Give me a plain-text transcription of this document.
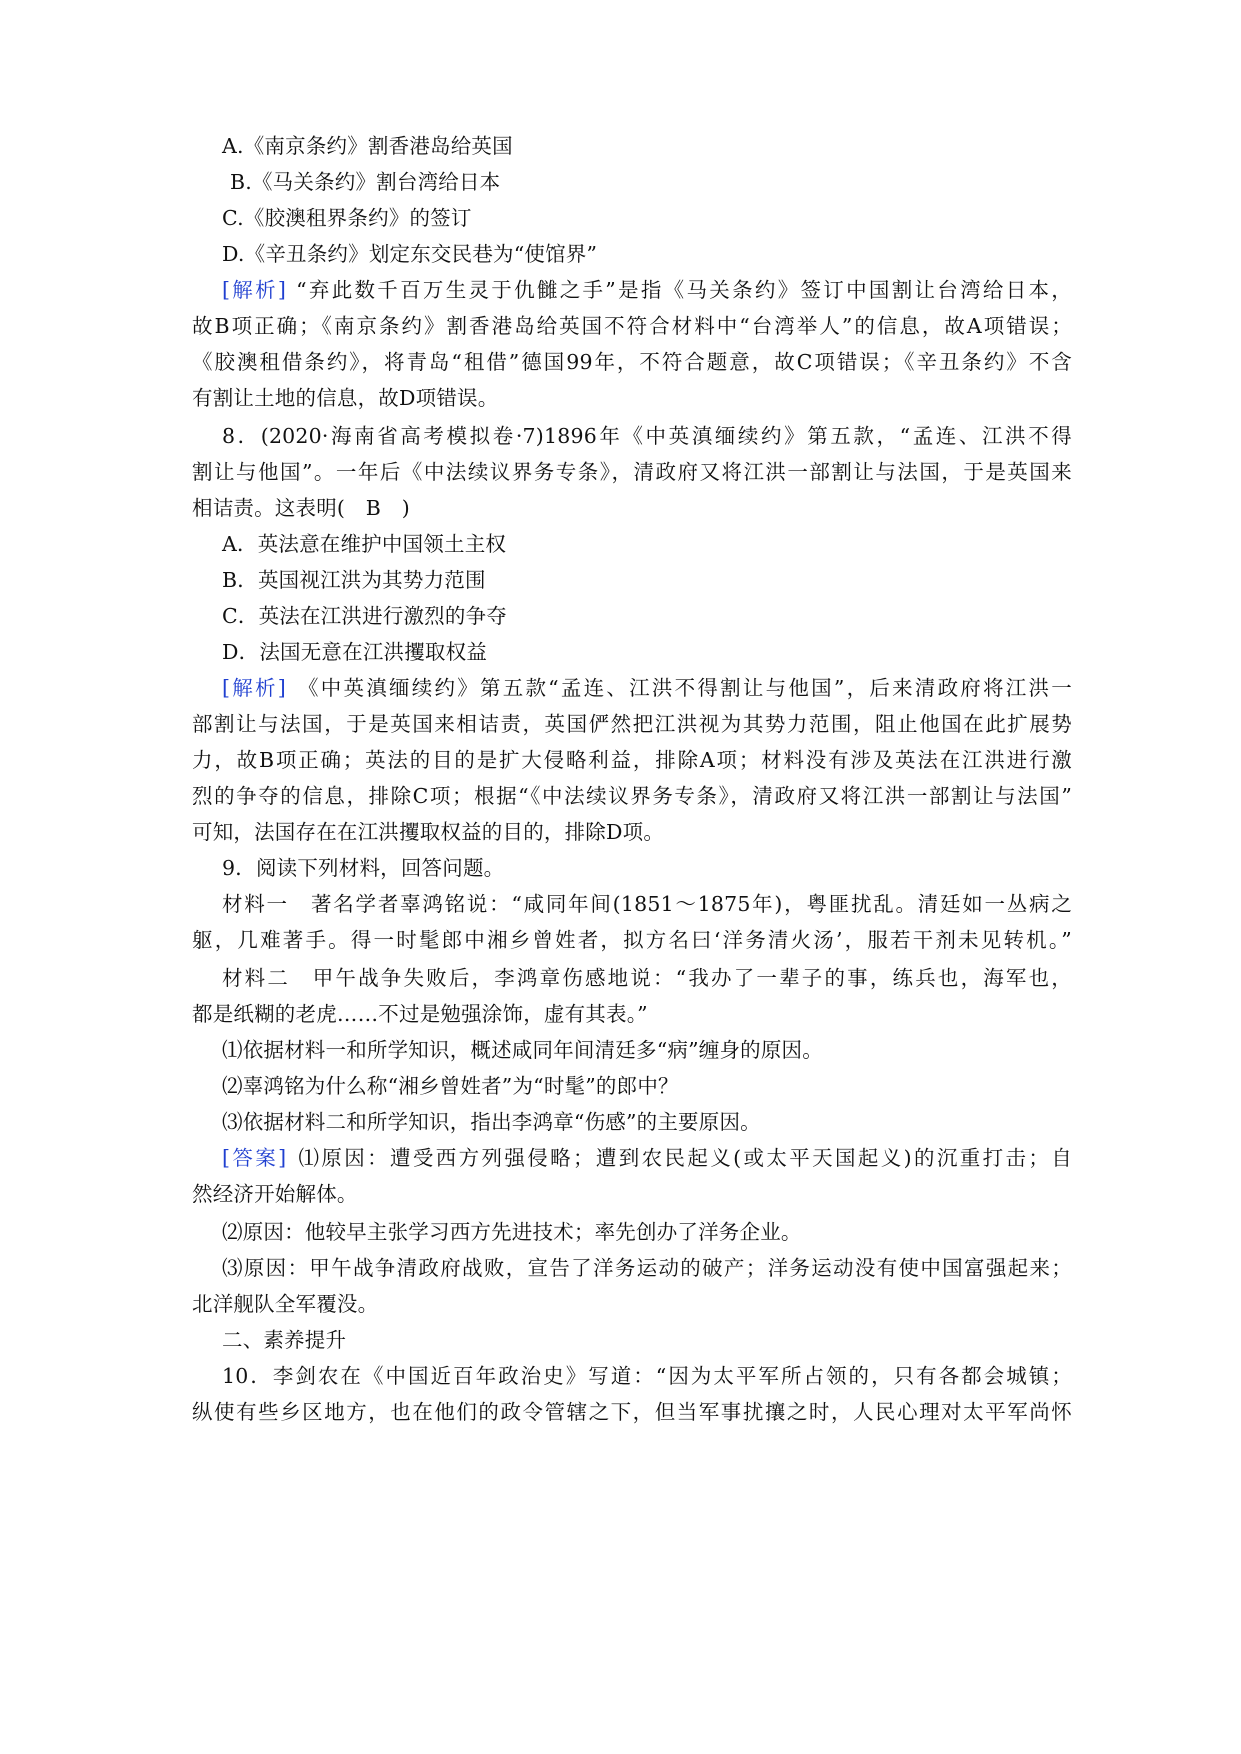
A.《南京条约》割香港岛给英国
B.《马关条约》割台湾给日本
C.《胶澳租界条约》的签订
D.《辛丑条约》划定东交民巷为“使馆界”
[解析] “弃此数千百万生灵于仇雠之手”是指《马关条约》签订中国割让台湾给日本，
故B项正确；《南京条约》割香港岛给英国不符合材料中“台湾举人”的信息，故A项错误；
《胶澳租借条约》，将青岛“租借”德国99年，不符合题意，故C项错误；《辛丑条约》不含
有割让土地的信息，故D项错误。
8．(2020·海南省高考模拟卷·7)1896年《中英滇缅续约》第五款，“孟连、江洪不得
割让与他国”。一年后《中法续议界务专条》，清政府又将江洪一部割让与法国，于是英国来
相诘责。这表明(　B　)
A．英法意在维护中国领土主权
B．英国视江洪为其势力范围
C．英法在江洪进行激烈的争夺
D．法国无意在江洪攫取权益
[解析] 《中英滇缅续约》第五款“孟连、江洪不得割让与他国”，后来清政府将江洪一
部割让与法国，于是英国来相诘责，英国俨然把江洪视为其势力范围，阻止他国在此扩展势
力，故B项正确；英法的目的是扩大侵略利益，排除A项；材料没有涉及英法在江洪进行激
烈的争夺的信息，排除C项；根据“《中法续议界务专条》，清政府又将江洪一部割让与法国”
可知，法国存在在江洪攫取权益的目的，排除D项。
9．阅读下列材料，回答问题。
材料一　著名学者辜鸿铭说：“咸同年间(1851～1875年)，粤匪扰乱。清廷如一丛病之
躯，几难著手。得一时髦郎中湘乡曾姓者，拟方名曰‘洋务清火汤’，服若干剂未见转机。”
材料二　甲午战争失败后，李鸿章伤感地说：“我办了一辈子的事，练兵也，海军也，
都是纸糊的老虎……不过是勉强涂饰，虚有其表。”
⑴依据材料一和所学知识，概述咸同年间清廷多“病”缠身的原因。
⑵辜鸿铭为什么称“湘乡曾姓者”为“时髦”的郎中？
⑶依据材料二和所学知识，指出李鸿章“伤感”的主要原因。
[答案] ⑴原因：遭受西方列强侵略；遭到农民起义(或太平天国起义)的沉重打击；自
然经济开始解体。
⑵原因：他较早主张学习西方先进技术；率先创办了洋务企业。
⑶原因：甲午战争清政府战败，宣告了洋务运动的破产；洋务运动没有使中国富强起来；
北洋舰队全军覆没。
二、素养提升
10．李剑农在《中国近百年政治史》写道：“因为太平军所占领的，只有各都会城镇；
纵使有些乡区地方，也在他们的政令管辖之下，但当军事扰攘之时，人民心理对太平军尚怀
